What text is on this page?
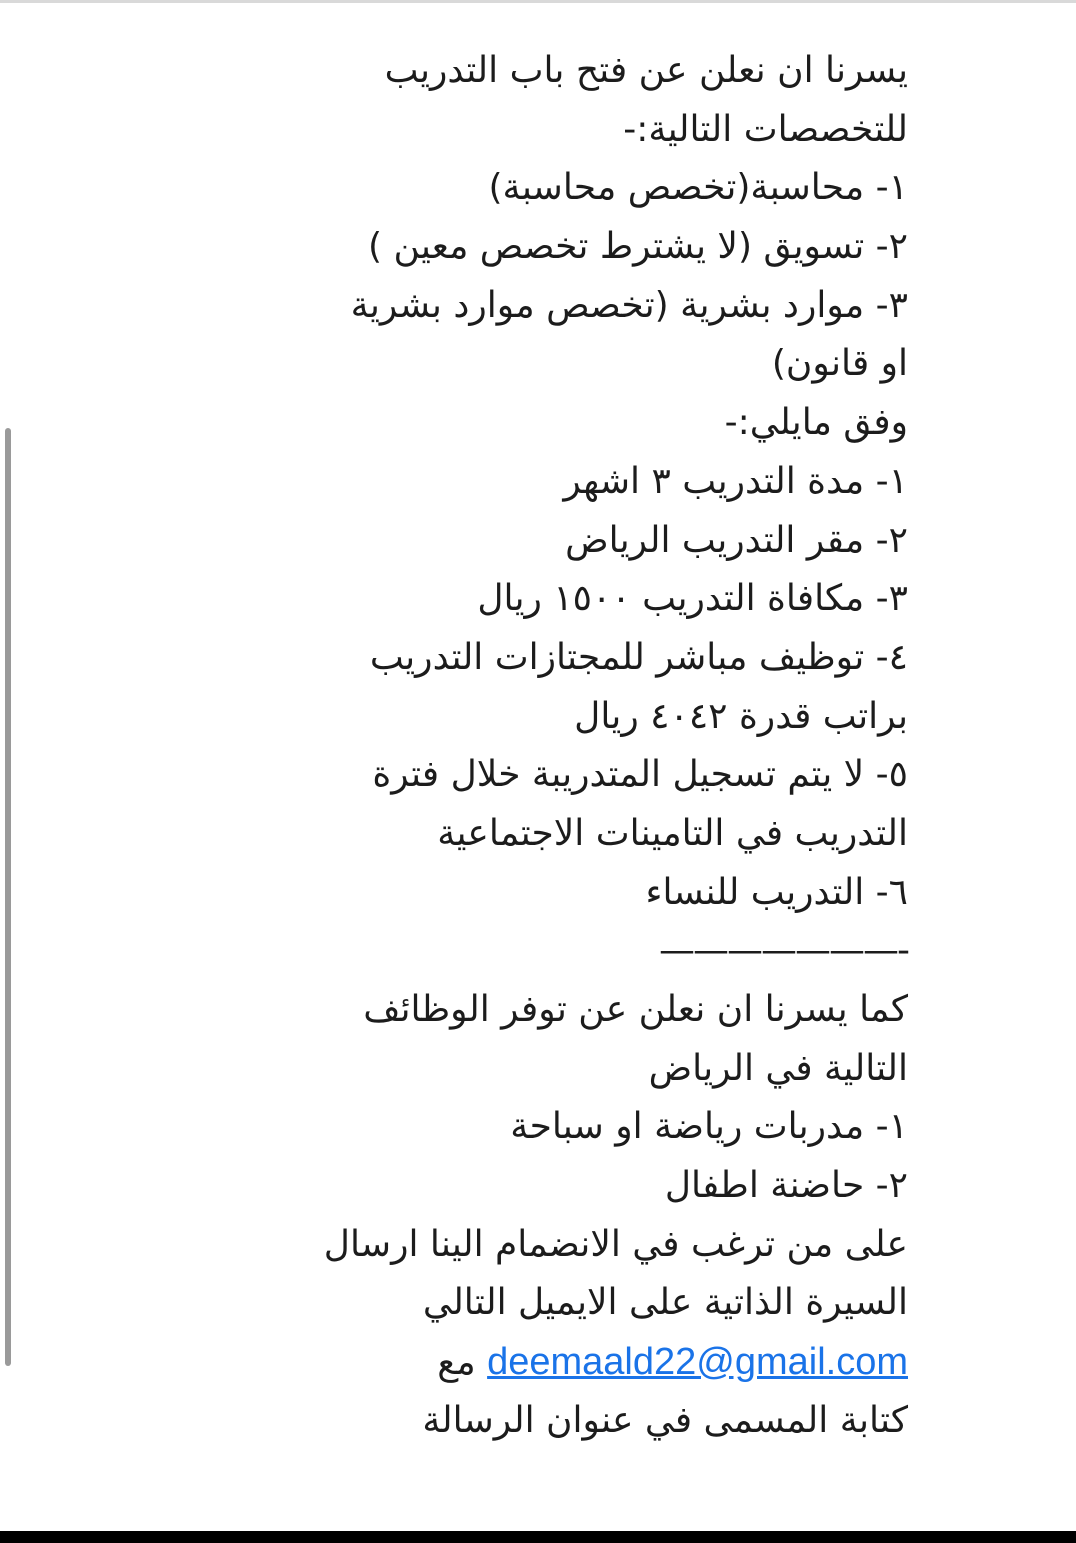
يسرنا ان نعلن عن فتح باب التدريب
للتخصصات التالية:-
١- محاسبة(تخصص محاسبة)
٢- تسويق (لا يشترط تخصص معين )
٣- موارد بشرية (تخصص موارد بشرية
او قانون)
وفق مايلي:-
١- مدة التدريب ٣ اشهر
٢- مقر التدريب الرياض
٣- مكافاة التدريب ١٥٠٠ ريال
٤- توظيف مباشر للمجتازات التدريب
براتب قدرة ٤٠٤٢ ريال
٥- لا يتم تسجيل المتدريبة خلال فترة
التدريب في التامينات الاجتماعية
٦- التدريب للنساء
-———————
كما يسرنا ان نعلن عن توفر الوظائف
التالية في الرياض
١- مدربات رياضة او سباحة
٢- حاضنة اطفال
على من ترغب في الانضمام الينا ارسال
السيرة الذاتية على الايميل التالي
deemaald22@gmail.com مع
كتابة المسمى في عنوان الرسالة
